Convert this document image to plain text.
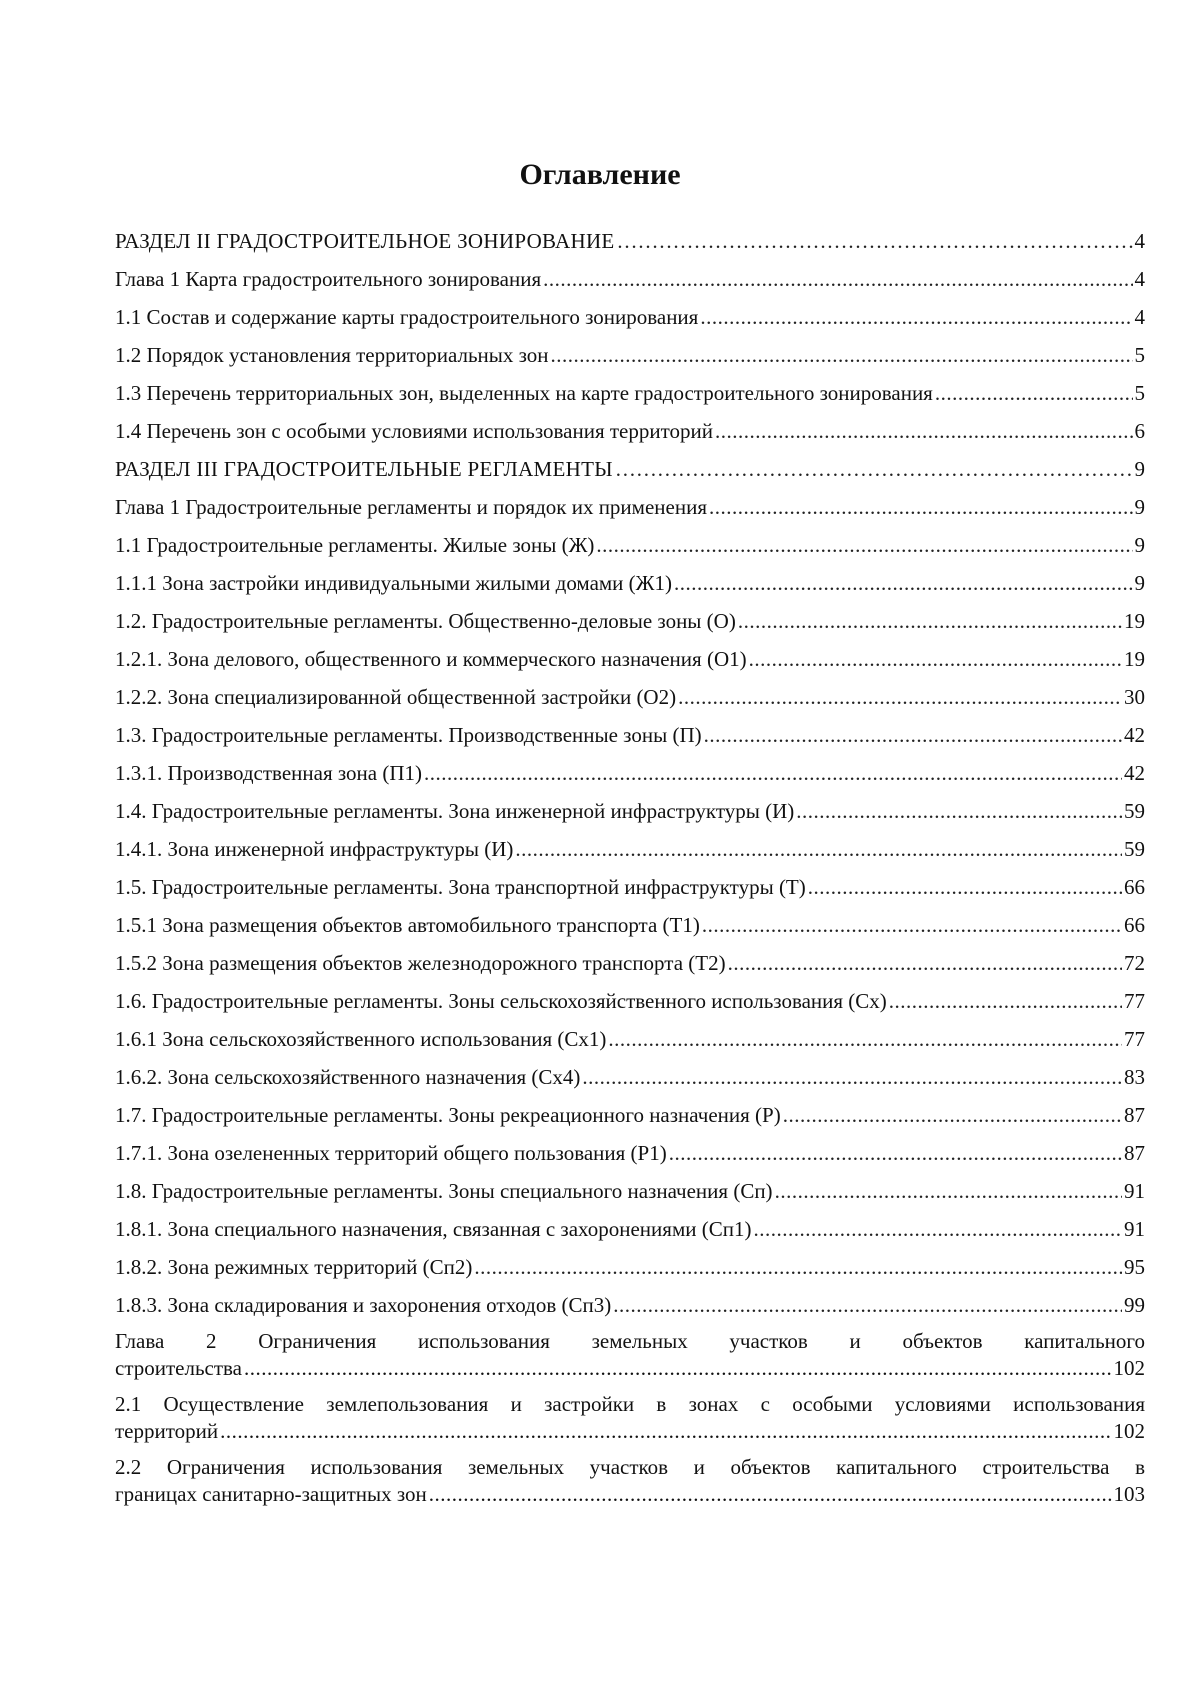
Оглавление
РАЗДЕЛ II ГРАДОСТРОИТЕЛЬНОЕ ЗОНИРОВАНИЕ …………………………………………………………………………………………………………………………………………………	4
Глава 1 Карта градостроительного зонирования .....	4
1.1 Состав и содержание карты градостроительного зонирования .....	4
1.2 Порядок установления территориальных зон .....	5
1.3 Перечень территориальных зон, выделенных на карте градостроительного зонирования .....	5
1.4 Перечень зон с особыми условиями использования территорий .....	6
РАЗДЕЛ III ГРАДОСТРОИТЕЛЬНЫЕ РЕГЛАМЕНТЫ …………………………………………………………………………………………………………………………………………………	9
Глава 1 Градостроительные регламенты и порядок их применения .....	9
1.1 Градостроительные регламенты. Жилые зоны (Ж) .....	9
1.1.1 Зона застройки индивидуальными жилыми домами (Ж1) .....	9
1.2. Градостроительные регламенты. Общественно-деловые зоны (О) .....	19
1.2.1. Зона делового, общественного и коммерческого назначения (О1) .....	19
1.2.2. Зона специализированной общественной застройки (О2) .....	30
1.3. Градостроительные регламенты. Производственные зоны (П) .....	42
1.3.1. Производственная зона (П1) .....	42
1.4. Градостроительные регламенты. Зона инженерной инфраструктуры (И) .....	59
1.4.1. Зона инженерной инфраструктуры (И) .....	59
1.5. Градостроительные регламенты. Зона транспортной инфраструктуры (Т) .....	66
1.5.1 Зона размещения объектов автомобильного транспорта (Т1) .....	66
1.5.2 Зона размещения объектов железнодорожного транспорта (Т2) .....	72
1.6. Градостроительные регламенты. Зоны сельскохозяйственного использования (Сх) .....	77
1.6.1 Зона сельскохозяйственного использования (Сх1) .....	77
1.6.2. Зона сельскохозяйственного назначения (Сх4) .....	83
1.7. Градостроительные регламенты. Зоны рекреационного назначения (Р) .....	87
1.7.1. Зона озелененных территорий общего пользования (Р1) .....	87
1.8. Градостроительные регламенты. Зоны специального назначения (Сп) .....	91
1.8.1. Зона специального назначения, связанная с захоронениями (Сп1) .....	91
1.8.2. Зона режимных территорий (Сп2) .....	95
1.8.3. Зона складирования и захоронения отходов (Сп3) .....	99
Глава 2 Ограничения использования земельных участков и объектов капитального
строительства .....	102
2.1 Осуществление землепользования и застройки в зонах с особыми условиями использования
территорий .....	102
2.2 Ограничения использования земельных участков и объектов капитального строительства в
границах санитарно-защитных зон .....	103
